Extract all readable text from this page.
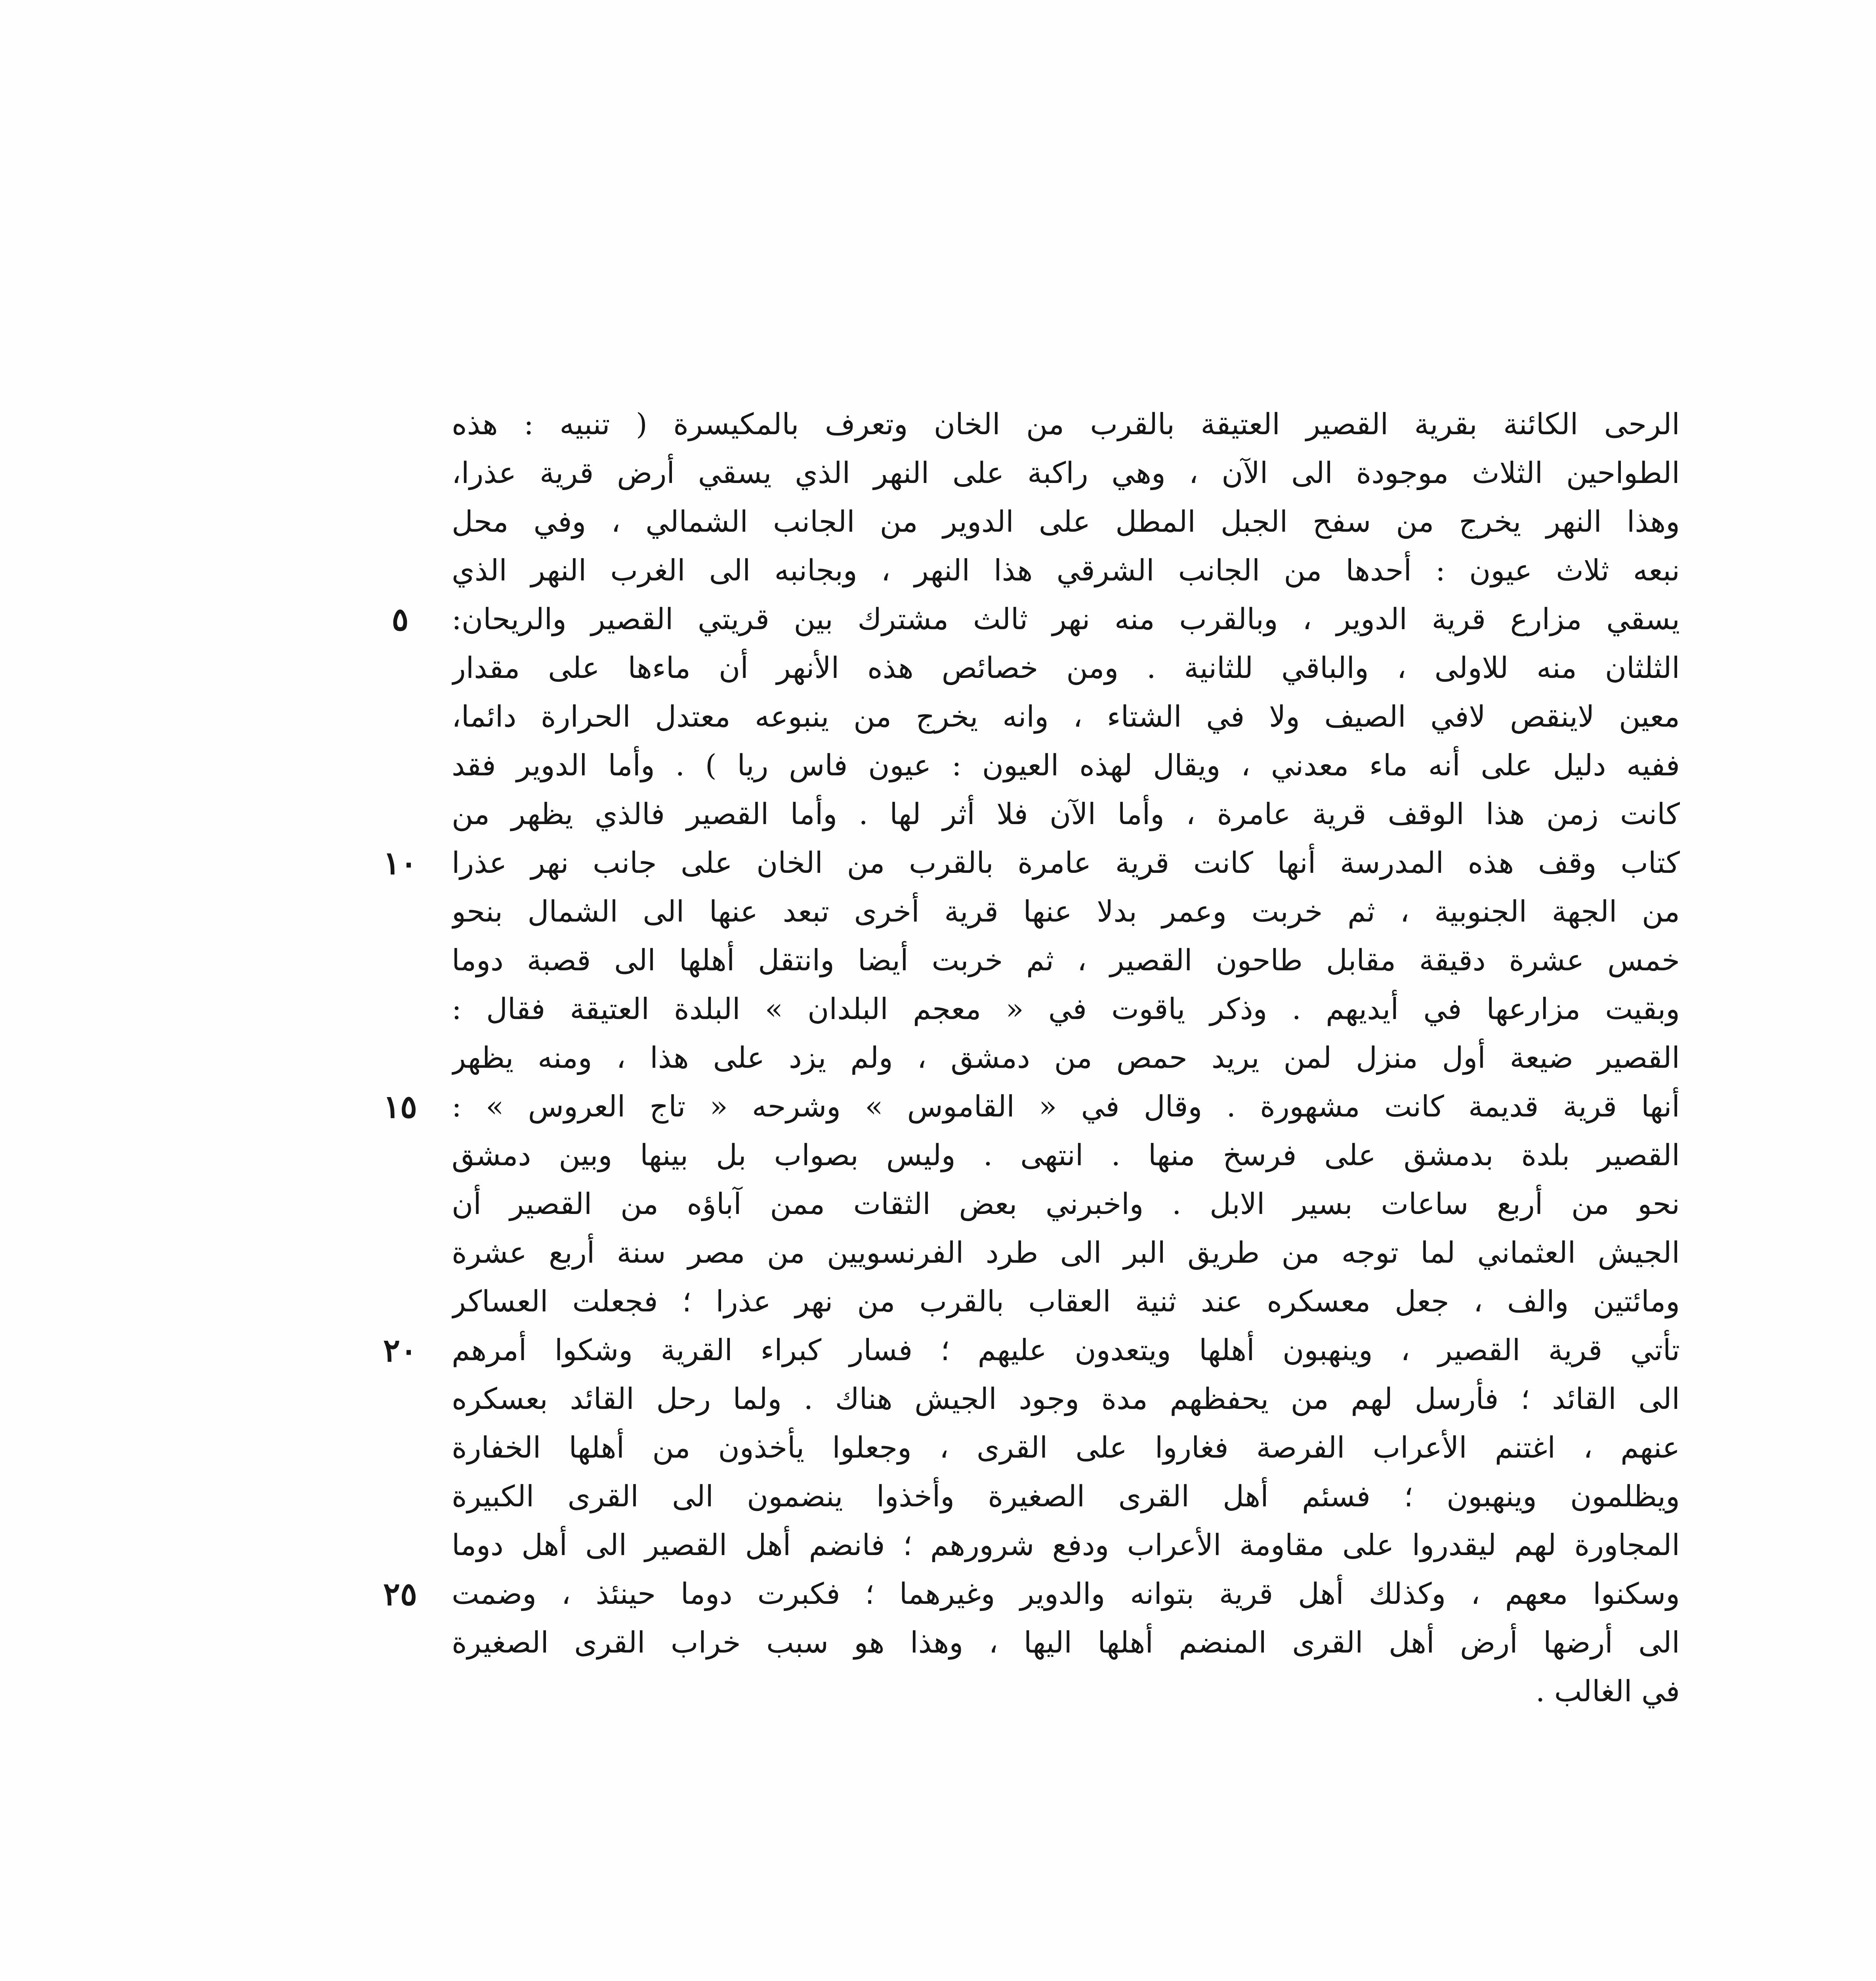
الرحى الكائنة بقرية القصير العتيقة بالقرب من الخان وتعرف بالمكيسرة ( تنبيه : هذه
الطواحين الثلاث موجودة الى الآن ، وهي راكبة على النهر الذي يسقي أرض قرية عذرا،
وهذا النهر يخرج من سفح الجبل المطل على الدوير من الجانب الشمالي ، وفي محل
نبعه ثلاث عيون : أحدها من الجانب الشرقي هذا النهر ، وبجانبه الى الغرب النهر الذي
يسقي مزارع قرية الدوير ، وبالقرب منه نهر ثالث مشترك بين قريتي القصير والريحان:
الثلثان منه للاولى ، والباقي للثانية . ومن خصائص هذه الأنهر أن ماءها على مقدار
معين لاينقص لافي الصيف ولا في الشتاء ، وانه يخرج من ينبوعه معتدل الحرارة دائما،
ففيه دليل على أنه ماء معدني ، ويقال لهذه العيون : عيون فاس ريا ) . وأما الدوير فقد
كانت زمن هذا الوقف قرية عامرة ، وأما الآن فلا أثر لها . وأما القصير فالذي يظهر من
كتاب وقف هذه المدرسة أنها كانت قرية عامرة بالقرب من الخان على جانب نهر عذرا
من الجهة الجنوبية ، ثم خربت وعمر بدلا عنها قرية أخرى تبعد عنها الى الشمال بنحو
خمس عشرة دقيقة مقابل طاحون القصير ، ثم خربت أيضا وانتقل أهلها الى قصبة دوما
وبقيت مزارعها في أيديهم . وذكر ياقوت في « معجم البلدان » البلدة العتيقة فقال :
القصير ضيعة أول منزل لمن يريد حمص من دمشق ، ولم يزد على هذا ، ومنه يظهر
أنها قرية قديمة كانت مشهورة . وقال في « القاموس » وشرحه « تاج العروس » :
القصير بلدة بدمشق على فرسخ منها . انتهى . وليس بصواب بل بينها وبين دمشق
نحو من أربع ساعات بسير الابل . واخبرني بعض الثقات ممن آباؤه من القصير أن
الجيش العثماني لما توجه من طريق البر الى طرد الفرنسويين من مصر سنة أربع عشرة
ومائتين والف ، جعل معسكره عند ثنية العقاب بالقرب من نهر عذرا ؛ فجعلت العساكر
تأتي قرية القصير ، وينهبون أهلها ويتعدون عليهم ؛ فسار كبراء القرية وشكوا أمرهم
الى القائد ؛ فأرسل لهم من يحفظهم مدة وجود الجيش هناك . ولما رحل القائد بعسكره
عنهم ، اغتنم الأعراب الفرصة فغاروا على القرى ، وجعلوا يأخذون من أهلها الخفارة
ويظلمون وينهبون ؛ فسئم أهل القرى الصغيرة وأخذوا ينضمون الى القرى الكبيرة
المجاورة لهم ليقدروا على مقاومة الأعراب ودفع شرورهم ؛ فانضم أهل القصير الى أهل دوما
وسكنوا معهم ، وكذلك أهل قرية بتوانه والدوير وغيرهما ؛ فكبرت دوما حينئذ ، وضمت
الى أرضها أرض أهل القرى المنضم أهلها اليها ، وهذا هو سبب خراب القرى الصغيرة
في الغالب .
٥
١٠
١٥
٢٠
٢٥
